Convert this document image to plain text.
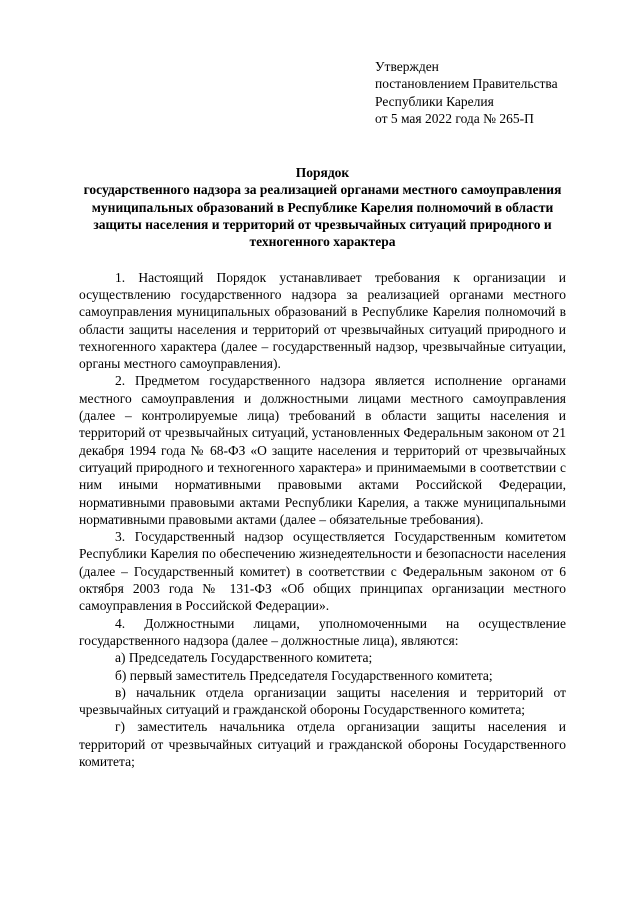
Утвержден
постановлением Правительства
Республики Карелия
от 5 мая 2022 года № 265-П
Порядок
государственного надзора за реализацией органами местного самоуправления муниципальных образований в Республике Карелия полномочий в области защиты населения и территорий от чрезвычайных ситуаций природного и техногенного характера

1. Настоящий Порядок устанавливает требования к организации и осуществлению государственного надзора за реализацией органами местного самоуправления муниципальных образований в Республике Карелия полномочий в области защиты населения и территорий от чрезвычайных ситуаций природного и техногенного характера (далее – государственный надзор, чрезвычайные ситуации, органы местного самоуправления).

2. Предметом государственного надзора является исполнение органами местного самоуправления и должностными лицами местного самоуправления (далее – контролируемые лица) требований в области защиты населения и территорий от чрезвычайных ситуаций, установленных Федеральным законом от 21 декабря 1994 года № 68-ФЗ «О защите населения и территорий от чрезвычайных ситуаций природного и техногенного характера» и принимаемыми в соответствии с ним иными нормативными правовыми актами Российской Федерации, нормативными правовыми актами Республики Карелия, а также муниципальными нормативными правовыми актами (далее – обязательные требования).

3. Государственный надзор осуществляется Государственным комитетом Республики Карелия по обеспечению жизнедеятельности и безопасности населения (далее – Государственный комитет) в соответствии с Федеральным законом от 6 октября 2003 года № 131-ФЗ «Об общих принципах организации местного самоуправления в Российской Федерации».

4. Должностными лицами, уполномоченными на осуществление государственного надзора (далее – должностные лица), являются:

а) Председатель Государственного комитета;

б) первый заместитель Председателя Государственного комитета;

в) начальник отдела организации защиты населения и территорий от чрезвычайных ситуаций и гражданской обороны Государственного комитета;

г) заместитель начальника отдела организации защиты населения и территорий от чрезвычайных ситуаций и гражданской обороны Государственного комитета;
